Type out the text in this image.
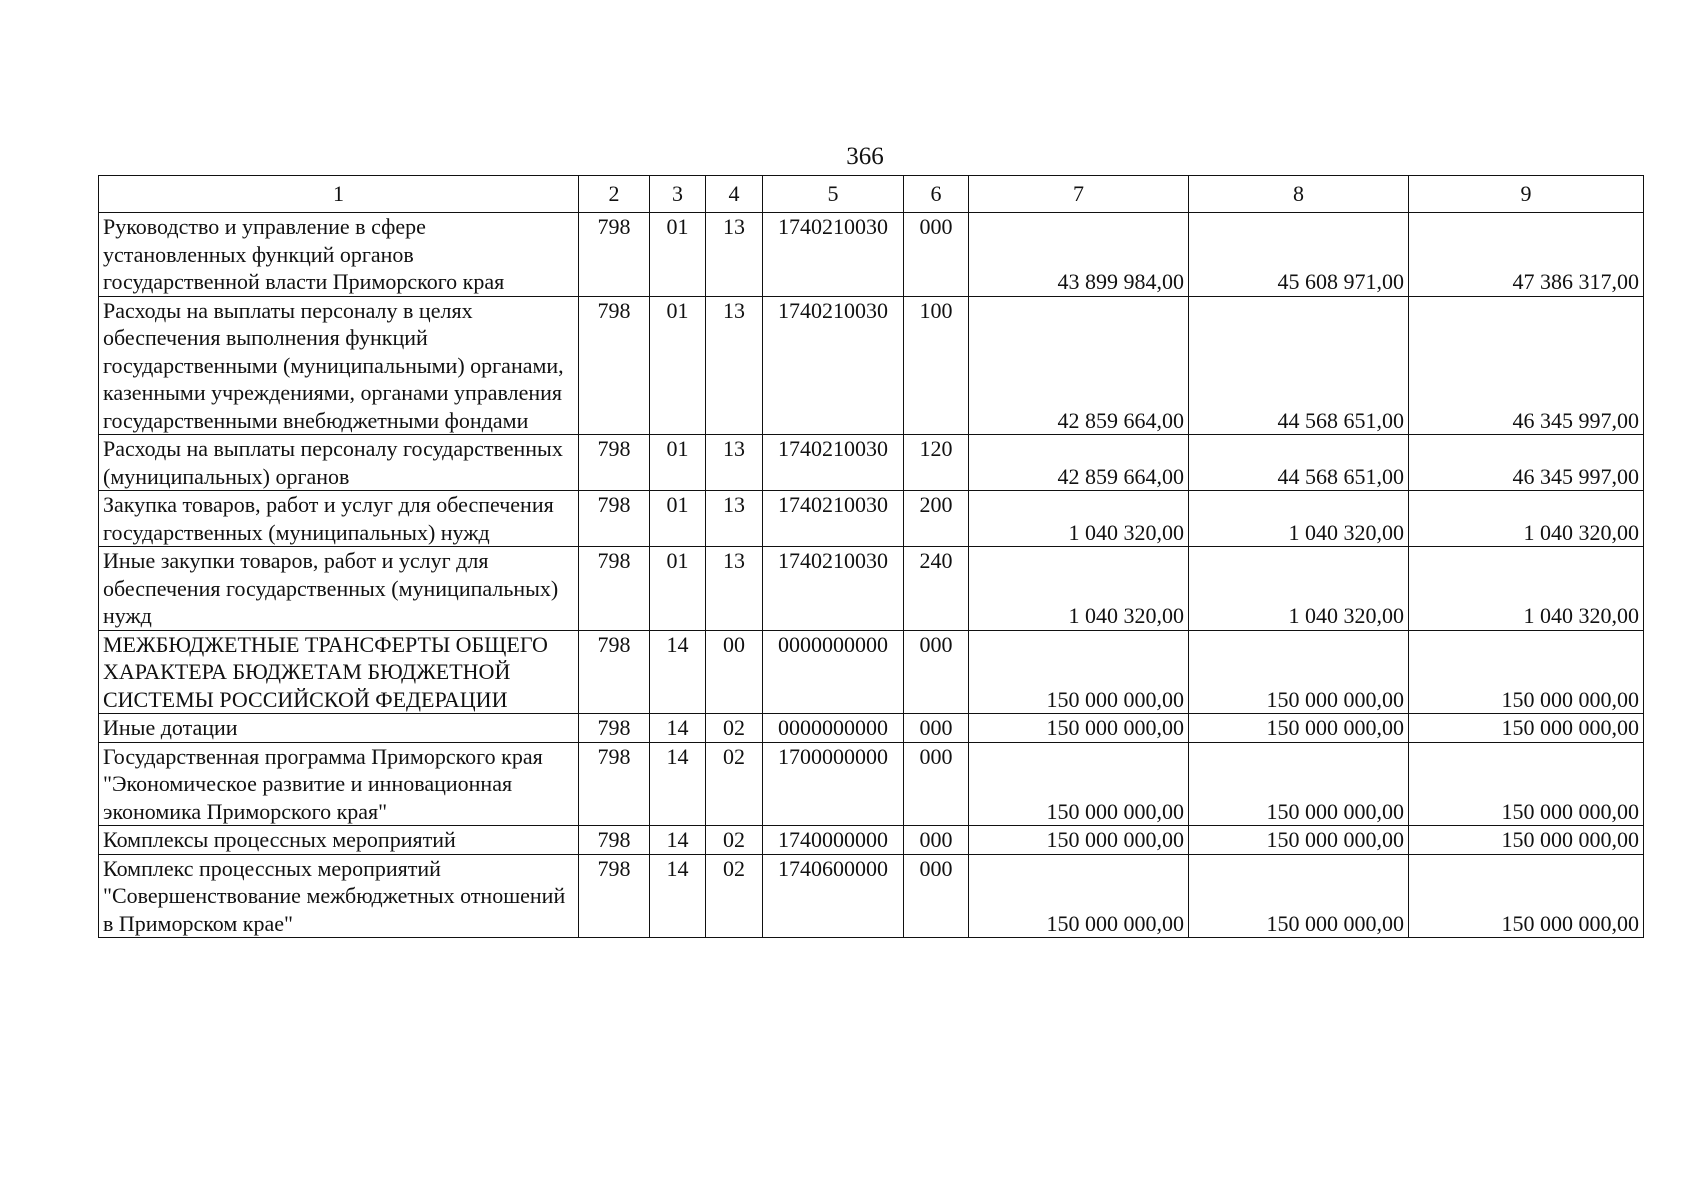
366
1	2	3	4	5	6	7	8	9
Руководство и управление в сфере установленных функций органов государственной власти Приморского края	798	01	13	1740210030	000	43 899 984,00	45 608 971,00	47 386 317,00
Расходы на выплаты персоналу в целях обеспечения выполнения функций государственными (муниципальными) органами, казенными учреждениями, органами управления государственными внебюджетными фондами	798	01	13	1740210030	100	42 859 664,00	44 568 651,00	46 345 997,00
Расходы на выплаты персоналу государственных (муниципальных) органов	798	01	13	1740210030	120	42 859 664,00	44 568 651,00	46 345 997,00
Закупка товаров, работ и услуг для обеспечения государственных (муниципальных) нужд	798	01	13	1740210030	200	1 040 320,00	1 040 320,00	1 040 320,00
Иные закупки товаров, работ и услуг для обеспечения государственных (муниципальных) нужд	798	01	13	1740210030	240	1 040 320,00	1 040 320,00	1 040 320,00
МЕЖБЮДЖЕТНЫЕ ТРАНСФЕРТЫ ОБЩЕГО ХАРАКТЕРА БЮДЖЕТАМ БЮДЖЕТНОЙ СИСТЕМЫ РОССИЙСКОЙ ФЕДЕРАЦИИ	798	14	00	0000000000	000	150 000 000,00	150 000 000,00	150 000 000,00
Иные дотации	798	14	02	0000000000	000	150 000 000,00	150 000 000,00	150 000 000,00
Государственная программа Приморского края "Экономическое развитие и инновационная экономика Приморского края"	798	14	02	1700000000	000	150 000 000,00	150 000 000,00	150 000 000,00
Комплексы процессных мероприятий	798	14	02	1740000000	000	150 000 000,00	150 000 000,00	150 000 000,00
Комплекс процессных мероприятий "Совершенствование межбюджетных отношений в Приморском крае"	798	14	02	1740600000	000	150 000 000,00	150 000 000,00	150 000 000,00
